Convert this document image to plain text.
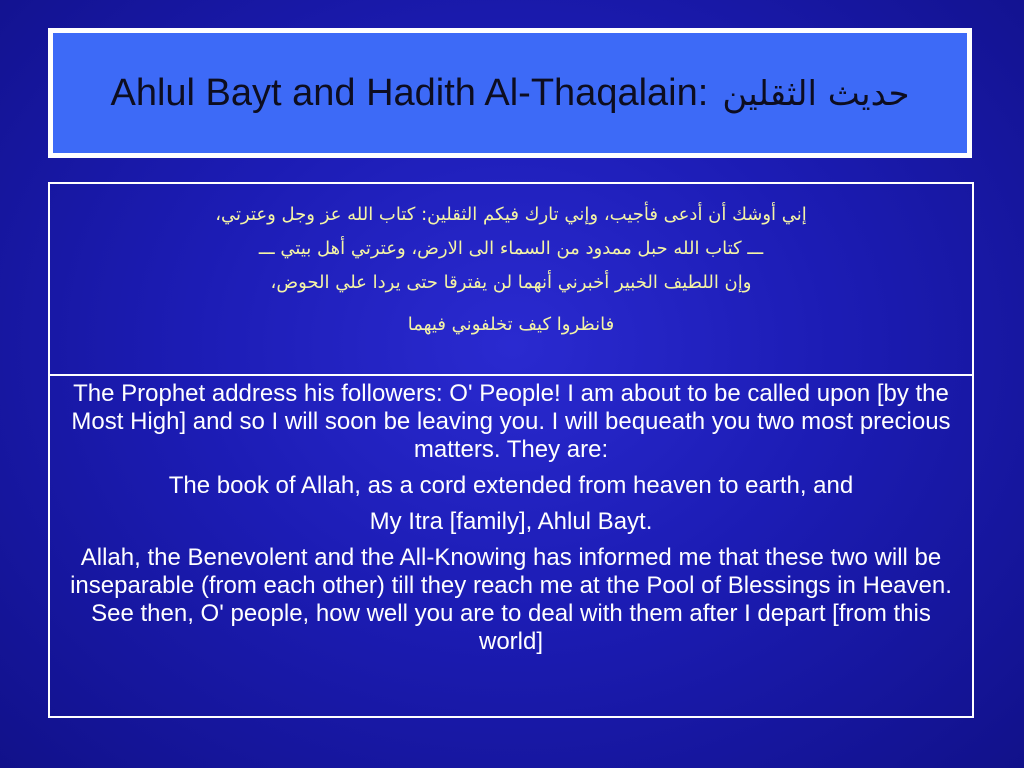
Ahlul Bayt and Hadith Al-Thaqalain: حديث الثقلين

إني أوشك أن أدعى فأجيب، وإني تارك فيكم الثقلين: كتاب الله عز وجل وعترتي،

ـــ كتاب الله حبل ممدود من السماء الى الارض، وعترتي أهل بيتي ـــ

وإن اللطيف الخبير أخبرني أنهما لن يفترقا حتى يردا علي الحوض،

فانظروا كيف تخلفوني فيهما

The Prophet address his followers: O' People! I am about to be called upon [by the Most High] and so I will soon be leaving you. I will bequeath you two most precious matters. They are:

The book of Allah, as a cord extended from heaven to earth, and

My Itra [family], Ahlul Bayt.

Allah, the Benevolent and the All-Knowing has informed me that these two will be inseparable (from each other) till they reach me at the Pool of Blessings in Heaven. See then, O' people, how well you are to deal with them after I depart [from this world]
